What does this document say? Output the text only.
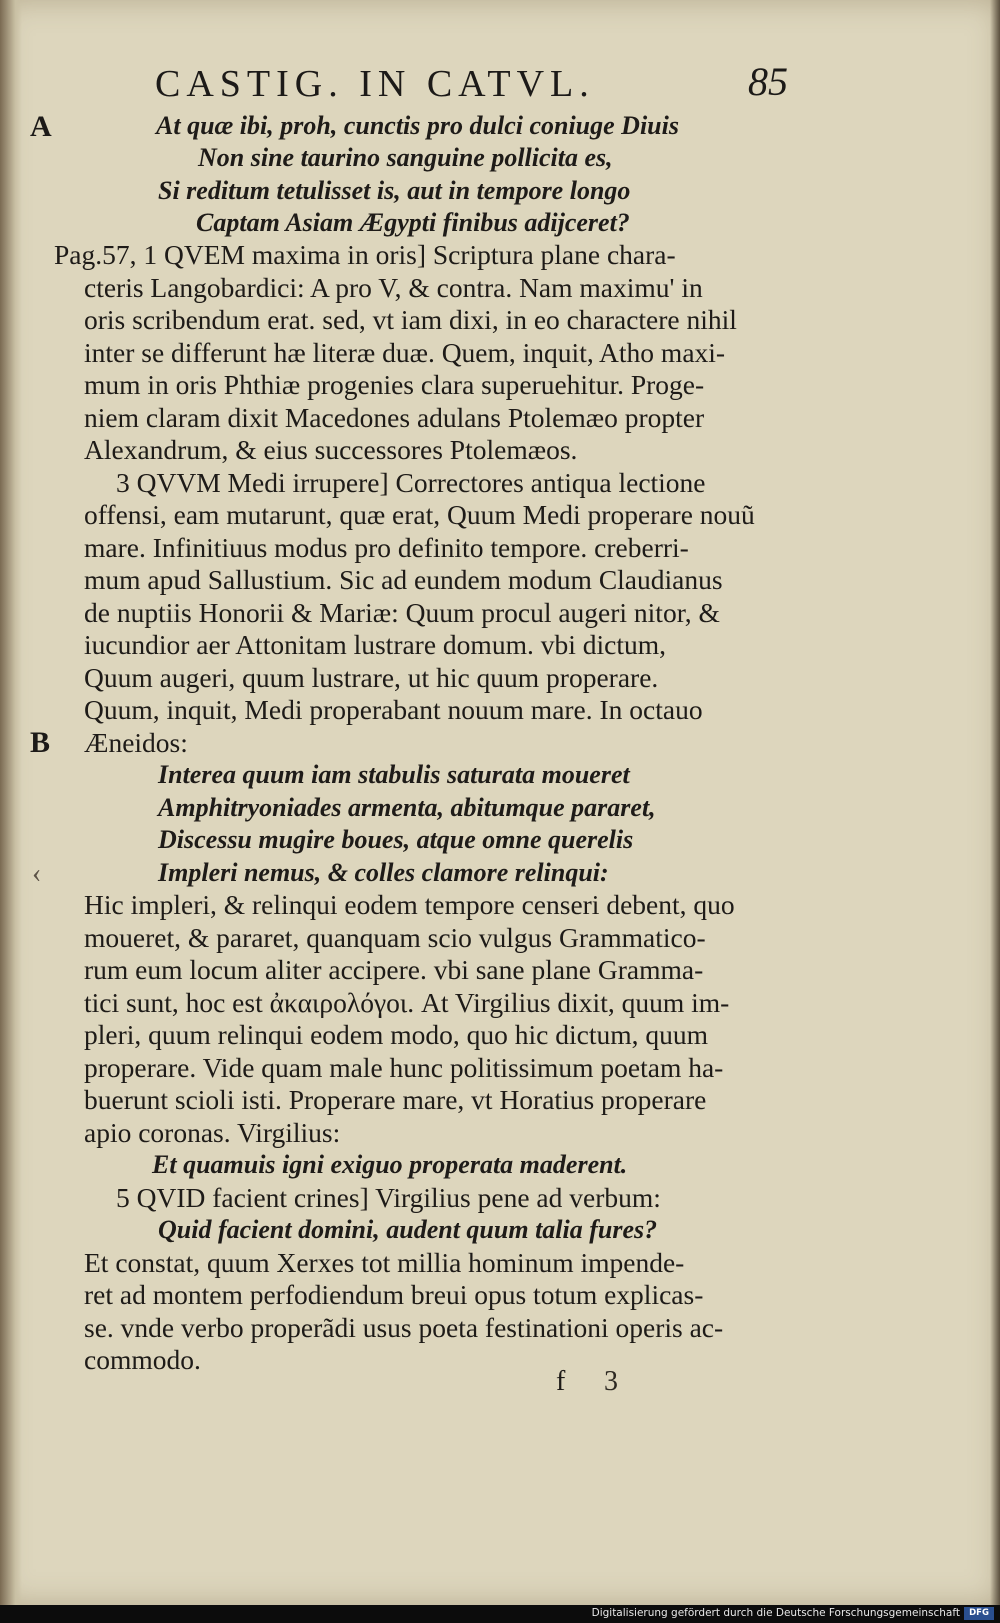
CASTIG. IN CATVL.	85
A
B
‹
At quæ ibi, proh, cunctis pro dulci coniuge Diuis
Non sine taurino sanguine pollicita es,
Si reditum tetulisset is, aut in tempore longo
Captam Asiam Ægypti finibus adijceret?
Pag.57, 1 QVEM maxima in oris] Scriptura plane chara-
cteris Langobardici: A pro V, & contra. Nam maximu' in
oris scribendum erat. sed, vt iam dixi, in eo charactere nihil
inter se differunt hæ literæ duæ. Quem, inquit, Atho maxi-
mum in oris Phthiæ progenies clara superuehitur. Proge-
niem claram dixit Macedones adulans Ptolemæo propter
Alexandrum, & eius successores Ptolemæos.
3 QVVM Medi irrupere] Correctores antiqua lectione
offensi, eam mutarunt, quæ erat, Quum Medi properare nouũ
mare. Infinitiuus modus pro definito tempore. creberri-
mum apud Sallustium. Sic ad eundem modum Claudianus
de nuptiis Honorii & Mariæ: Quum procul augeri nitor, &
iucundior aer Attonitam lustrare domum. vbi dictum,
Quum augeri, quum lustrare, ut hic quum properare.
Quum, inquit, Medi properabant nouum mare. In octauo
Æneidos:
Interea quum iam stabulis saturata moueret
Amphitryoniades armenta, abitumque pararet,
Discessu mugire boues, atque omne querelis
Impleri nemus, & colles clamore relinqui:
Hic impleri, & relinqui eodem tempore censeri debent, quo
moueret, & pararet, quanquam scio vulgus Grammatico-
rum eum locum aliter accipere. vbi sane plane Gramma-
tici sunt, hoc est ἀκαιρολόγοι. At Virgilius dixit, quum im-
pleri, quum relinqui eodem modo, quo hic dictum, quum
properare. Vide quam male hunc politissimum poetam ha-
buerunt scioli isti. Properare mare, vt Horatius properare
apio coronas. Virgilius:
Et quamuis igni exiguo properata maderent.
5 QVID facient crines] Virgilius pene ad verbum:
Quid facient domini, audent quum talia fures?
Et constat, quum Xerxes tot millia hominum impende-
ret ad montem perfodiendum breui opus totum explicas-
se. vnde verbo properãdi usus poeta festinationi operis ac-
commodo.
f 3
Digitalisierung gefördert durch die Deutsche Forschungsgemeinschaft	DFG
